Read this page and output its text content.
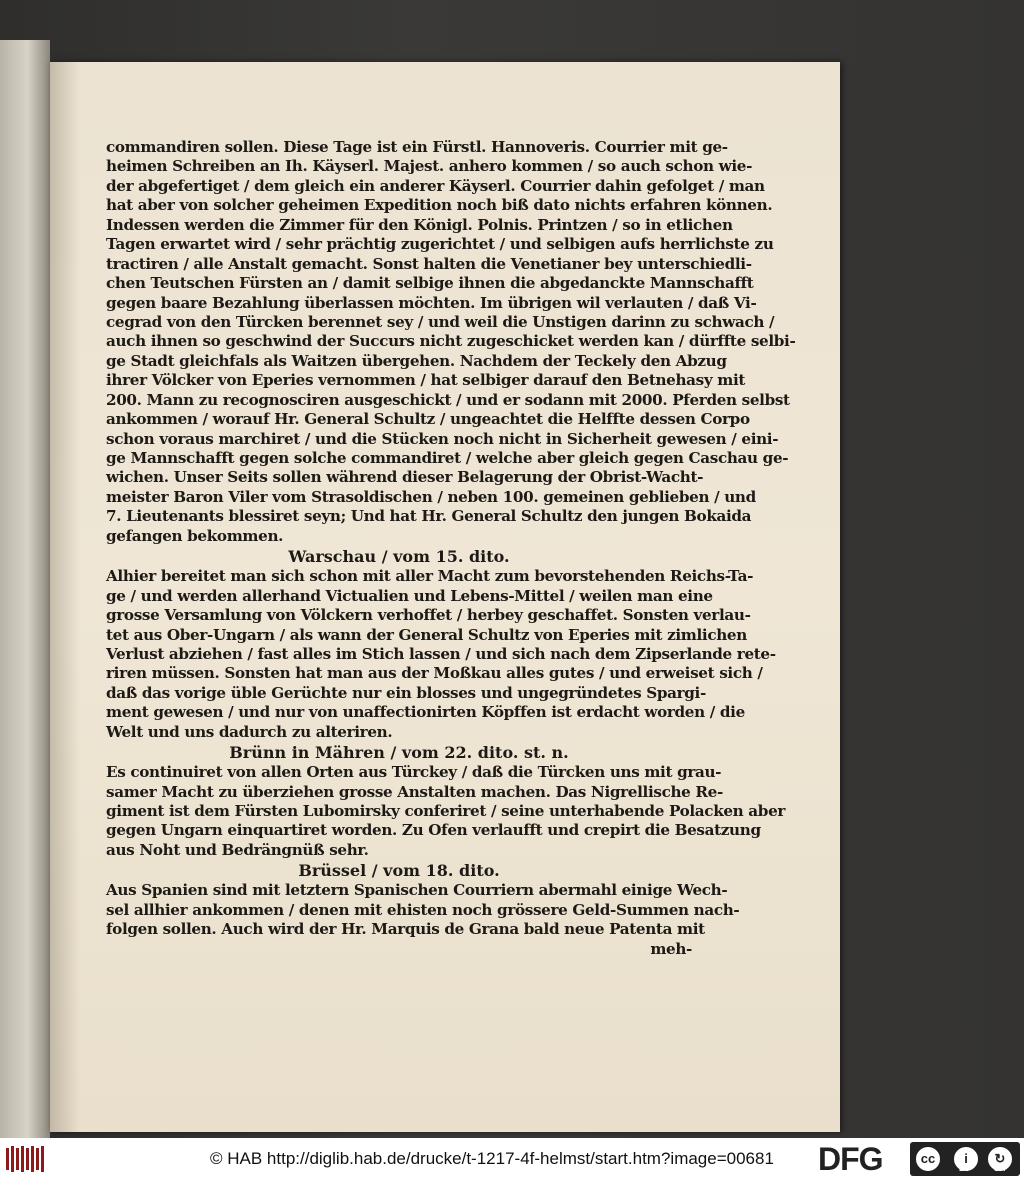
commandiren sollen. Diese Tage ist ein Fürstl. Hannoveris. Courrier mit ge-
heimen Schreiben an Ih. Käyserl. Majest. anhero kommen / so auch schon wie-
der abgefertiget / dem gleich ein anderer Käyserl. Courrier dahin gefolget / man
hat aber von solcher geheimen Expedition noch biß dato nichts erfahren können.
Indessen werden die Zimmer für den Königl. Polnis. Printzen / so in etlichen
Tagen erwartet wird / sehr prächtig zugerichtet / und selbigen aufs herrlichste zu
tractiren / alle Anstalt gemacht. Sonst halten die Venetianer bey unterschiedli-
chen Teutschen Fürsten an / damit selbige ihnen die abgedanckte Mannschafft
gegen baare Bezahlung überlassen möchten. Im übrigen wil verlauten / daß Vi-
cegrad von den Türcken berennet sey / und weil die Unstigen darinn zu schwach /
auch ihnen so geschwind der Succurs nicht zugeschicket werden kan / dürffte selbi-
ge Stadt gleichfals als Waitzen übergehen. Nachdem der Teckely den Abzug
ihrer Völcker von Eperies vernommen / hat selbiger darauf den Betnehasy mit
200. Mann zu recognosciren ausgeschickt / und er sodann mit 2000. Pferden selbst
ankommen / worauf Hr. General Schultz / ungeachtet die Helffte dessen Corpo
schon voraus marchiret / und die Stücken noch nicht in Sicherheit gewesen / eini-
ge Mannschafft gegen solche commandiret / welche aber gleich gegen Caschau ge-
wichen. Unser Seits sollen während dieser Belagerung der Obrist-Wacht-
meister Baron Viler vom Strasoldischen / neben 100. gemeinen geblieben / und
7. Lieutenants blessiret seyn; Und hat Hr. General Schultz den jungen Bokaida
gefangen bekommen.
Warschau / vom 15. dito.
Alhier bereitet man sich schon mit aller Macht zum bevorstehenden Reichs-Ta-
ge / und werden allerhand Victualien und Lebens-Mittel / weilen man eine
grosse Versamlung von Völckern verhoffet / herbey geschaffet. Sonsten verlau-
tet aus Ober-Ungarn / als wann der General Schultz von Eperies mit zimlichen
Verlust abziehen / fast alles im Stich lassen / und sich nach dem Zipserlande rete-
riren müssen. Sonsten hat man aus der Moßkau alles gutes / und erweiset sich /
daß das vorige üble Gerüchte nur ein blosses und ungegründetes Spargi-
ment gewesen / und nur von unaffectionirten Köpffen ist erdacht worden / die
Welt und uns dadurch zu alteriren.
Brünn in Mähren / vom 22. dito. st. n.
Es continuiret von allen Orten aus Türckey / daß die Türcken uns mit grau-
samer Macht zu überziehen grosse Anstalten machen. Das Nigrellische Re-
giment ist dem Fürsten Lubomirsky conferiret / seine unterhabende Polacken aber
gegen Ungarn einquartiret worden. Zu Ofen verlaufft und crepirt die Besatzung
aus Noht und Bedrängnüß sehr.
Brüssel / vom 18. dito.
Aus Spanien sind mit letztern Spanischen Courriern abermahl einige Wech-
sel allhier ankommen / denen mit ehisten noch grössere Geld-Summen nach-
folgen sollen. Auch wird der Hr. Marquis de Grana bald neue Patenta mit
meh-
© HAB http://diglib.hab.de/drucke/t-1217-4f-helmst/start.htm?image=00681 DFG	cc	i	↻
BY	SA
